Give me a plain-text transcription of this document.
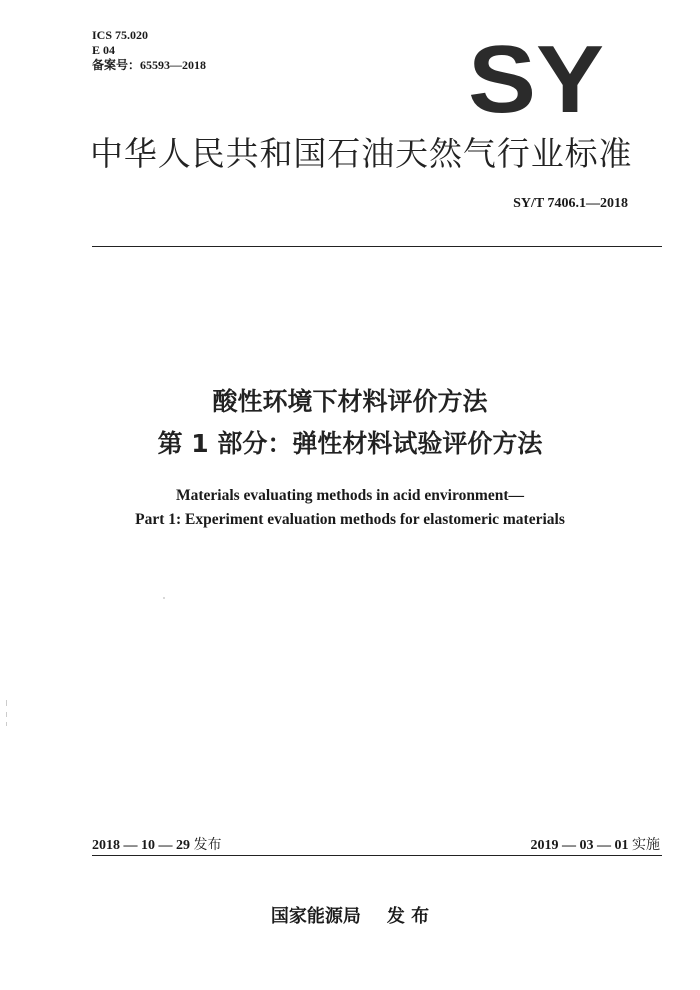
ICS 75.020
E 04
备案号：65593—2018	SY
中华人民共和国石油天然气行业标准
SY/T 7406.1—2018
酸性环境下材料评价方法
第 1 部分：弹性材料试验评价方法
Materials evaluating methods in acid environment—
Part 1: Experiment evaluation methods for elastomeric materials
2018 — 10 — 29 发布	2019 — 03 — 01 实施
国家能源局 发 布
